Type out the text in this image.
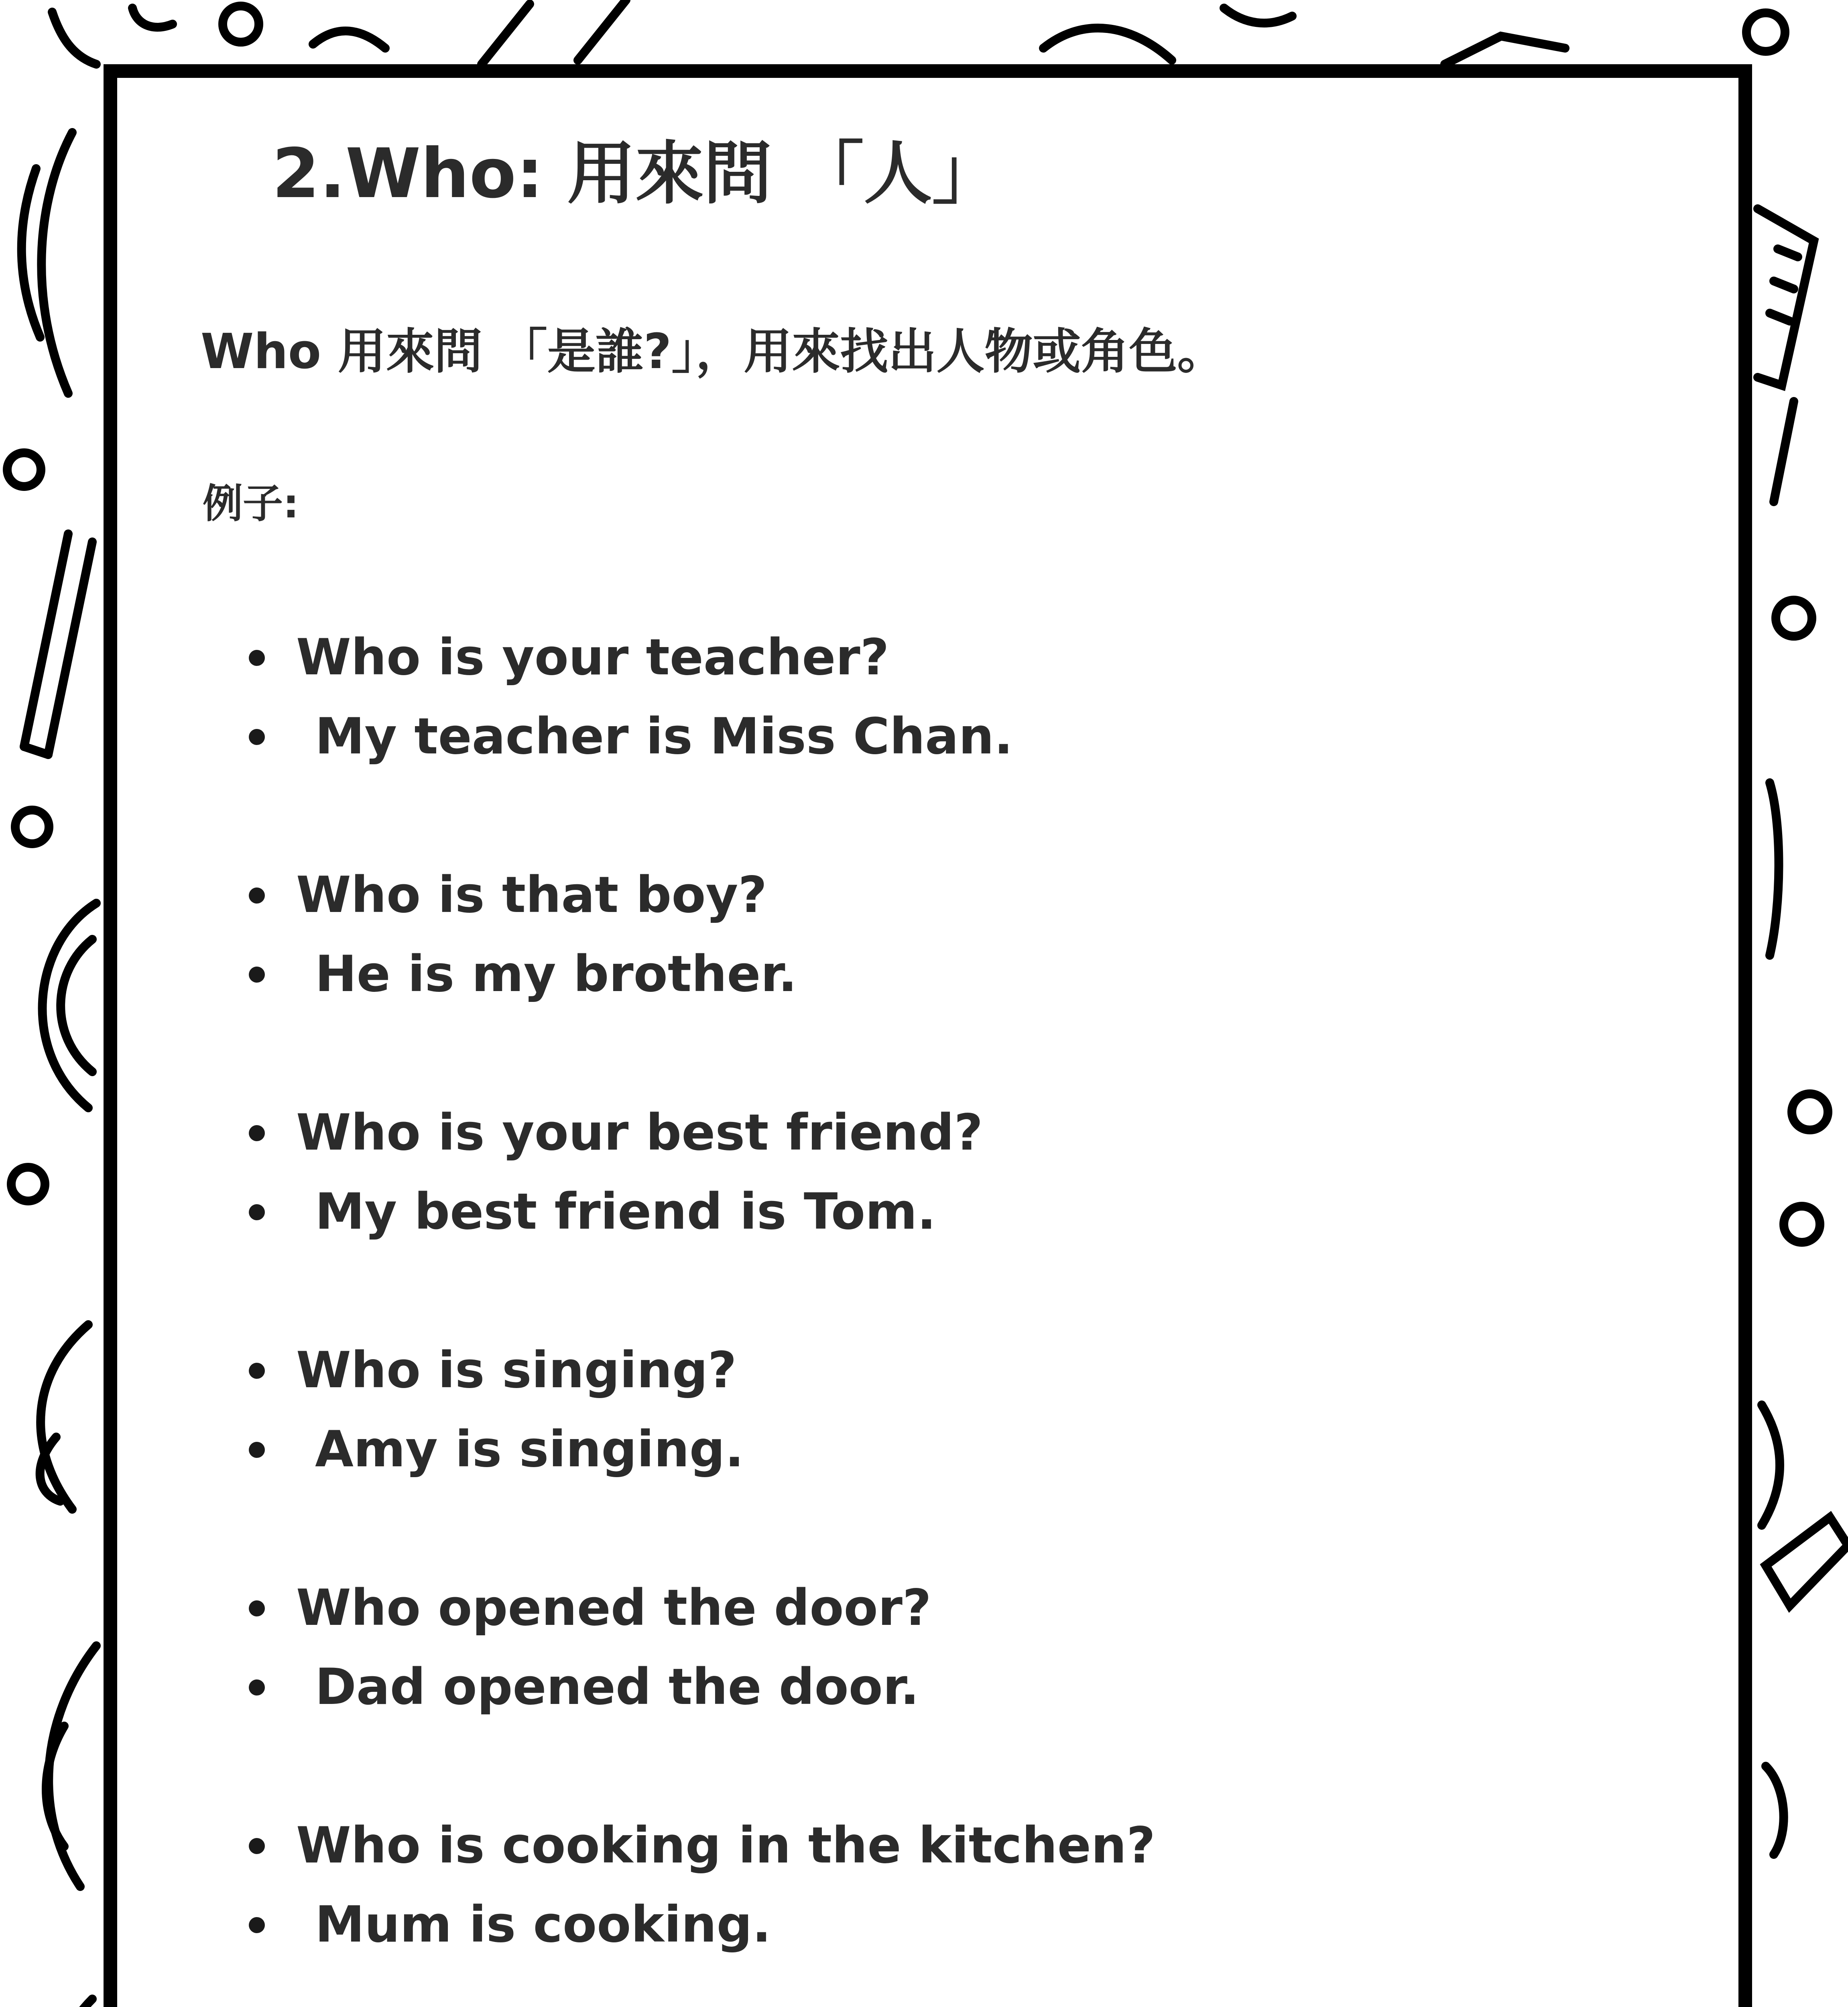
2.Who: 用來問 「人」

Who 用來問 「是誰?」，用來找出人物或角色。

例子:

Who is your teacher?
My teacher is Miss Chan.
Who is that boy?
He is my brother.
Who is your best friend?
My best friend is Tom.
Who is singing?
Amy is singing.
Who opened the door?
Dad opened the door.
Who is cooking in the kitchen?
Mum is cooking.
